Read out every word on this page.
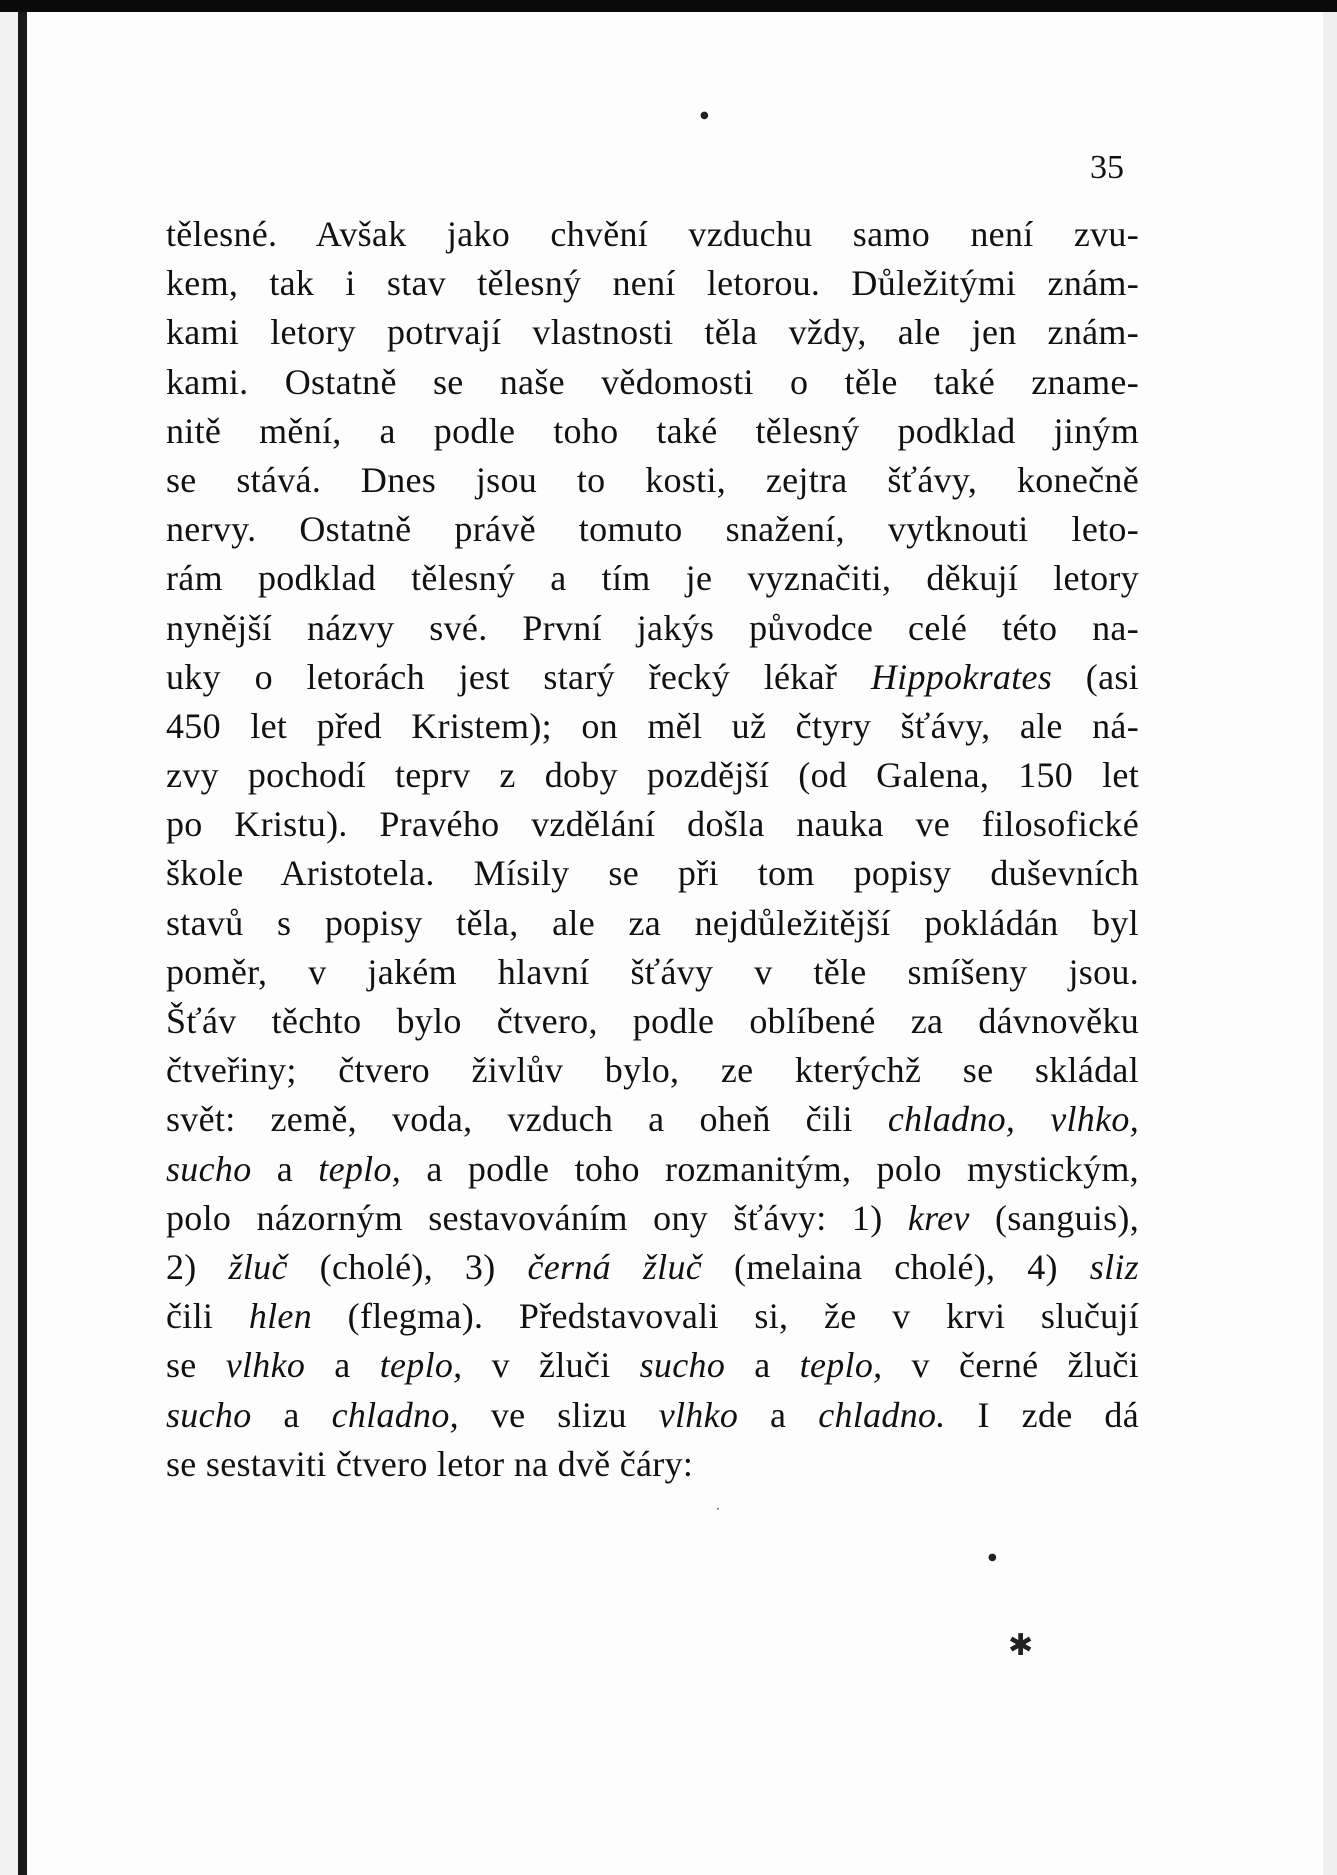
35
tělesné. Avšak jako chvění vzduchu samo není zvu-
kem, tak i stav tělesný není letorou. Důležitými znám-
kami letory potrvají vlastnosti těla vždy, ale jen znám-
kami. Ostatně se naše vědomosti o těle také zname-
nitě mění, a podle toho také tělesný podklad jiným
se stává. Dnes jsou to kosti, zejtra šťávy, konečně
nervy. Ostatně právě tomuto snažení, vytknouti leto-
rám podklad tělesný a tím je vyznačiti, děkují letory
nynější názvy své. První jakýs původce celé této na-
uky o letorách jest starý řecký lékař Hippokrates (asi
450 let před Kristem); on měl už čtyry šťávy, ale ná-
zvy pochodí teprv z doby pozdější (od Galena, 150 let
po Kristu). Pravého vzdělání došla nauka ve filosofické
škole Aristotela. Mísily se při tom popisy duševních
stavů s popisy těla, ale za nejdůležitější pokládán byl
poměr, v jakém hlavní šťávy v těle smíšeny jsou.
Šťáv těchto bylo čtvero, podle oblíbené za dávnověku
čtveřiny; čtvero živlův bylo, ze kterýchž se skládal
svět: země, voda, vzduch a oheň čili chladno, vlhko,
sucho a teplo, a podle toho rozmanitým, polo mystickým,
polo názorným sestavováním ony šťávy: 1) krev (sanguis),
2) žluč (cholé), 3) černá žluč (melaina cholé), 4) sliz
čili hlen (flegma). Představovali si, že v krvi slučují
se vlhko a teplo, v žluči sucho a teplo, v černé žluči
sucho a chladno, ve slizu vlhko a chladno. I zde dá
se sestaviti čtvero letor na dvě čáry:
●
·
●
✱
